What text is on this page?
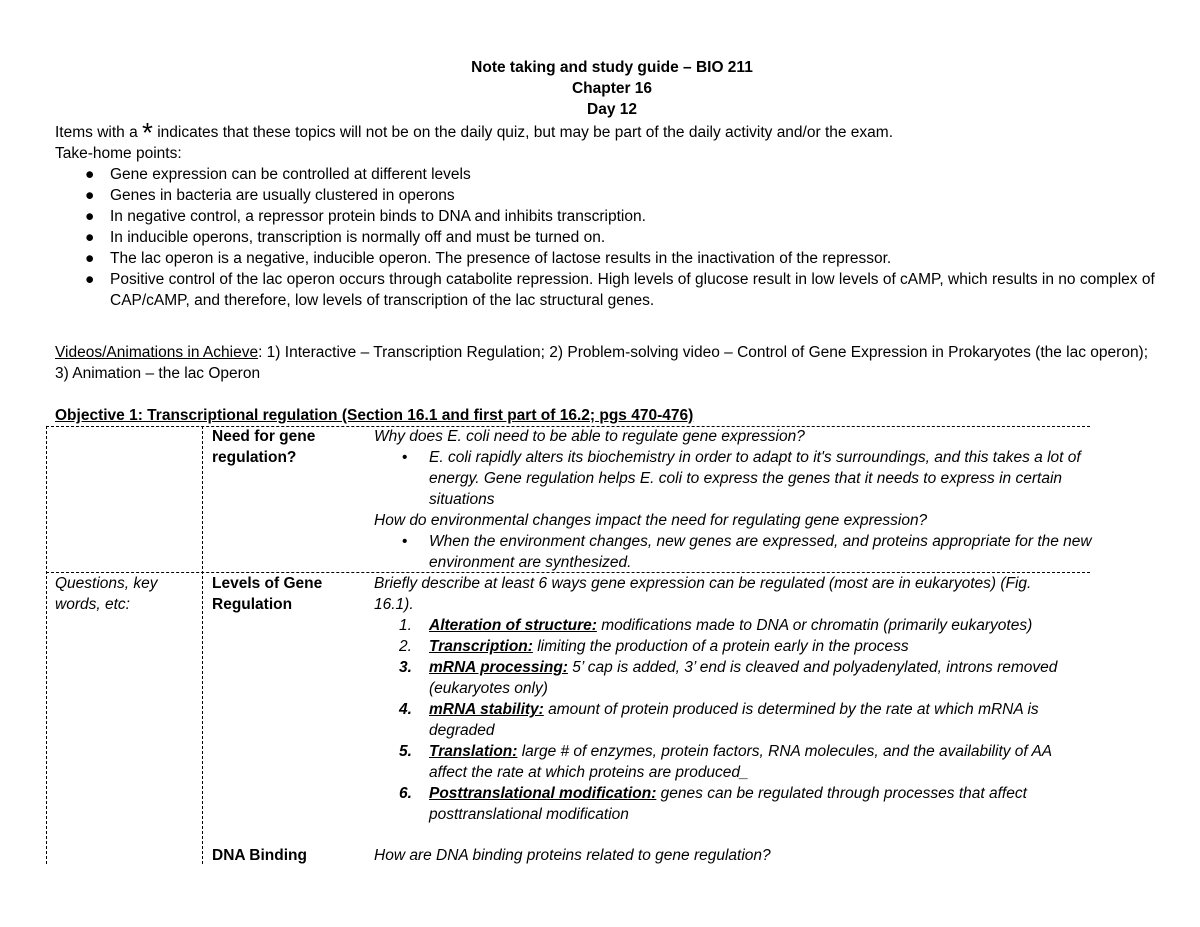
Note taking and study guide – BIO 211
Chapter 16
Day 12

Items with a * indicates that these topics will not be on the daily quiz, but may be part of the daily activity and/or the exam.

Take-home points:

● Gene expression can be controlled at different levels
● Genes in bacteria are usually clustered in operons
● In negative control, a repressor protein binds to DNA and inhibits transcription.
● In inducible operons, transcription is normally off and must be turned on.
● The lac operon is a negative, inducible operon. The presence of lactose results in the inactivation of the repressor.
● Positive control of the lac operon occurs through catabolite repression. High levels of glucose result in low levels of cAMP, which results in no complex of CAP/cAMP, and therefore, low levels of transcription of the lac structural genes.
Videos/Animations in Achieve: 1) Interactive – Transcription Regulation; 2) Problem-solving video – Control of Gene Expression in Prokaryotes (the lac operon); 3) Animation – the lac Operon
Objective 1: Transcriptional regulation (Section 16.1 and first part of 16.2; pgs 470-476)
Need for gene regulation?

Why does E. coli need to be able to regulate gene expression?

• E. coli rapidly alters its biochemistry in order to adapt to it's surroundings, and this takes a lot of energy. Gene regulation helps E. coli to express the genes that it needs to express in certain situations

How do environmental changes impact the need for regulating gene expression?

• When the environment changes, new genes are expressed, and proteins appropriate for the new environment are synthesized.
Questions, key words, etc:
Levels of Gene Regulation

Briefly describe at least 6 ways gene expression can be regulated (most are in eukaryotes) (Fig. 16.1).

1. Alteration of structure: modifications made to DNA or chromatin (primarily eukaryotes)
2. Transcription: limiting the production of a protein early in the process
3. mRNA processing: 5’ cap is added, 3’ end is cleaved and polyadenylated, introns removed (eukaryotes only)
4. mRNA stability: amount of protein produced is determined by the rate at which mRNA is degraded
5. Translation: large # of enzymes, protein factors, RNA molecules, and the availability of AA affect the rate at which proteins are produced_
6. Posttranslational modification: genes can be regulated through processes that affect posttranslational modification
DNA Binding	How are DNA binding proteins related to gene regulation?
